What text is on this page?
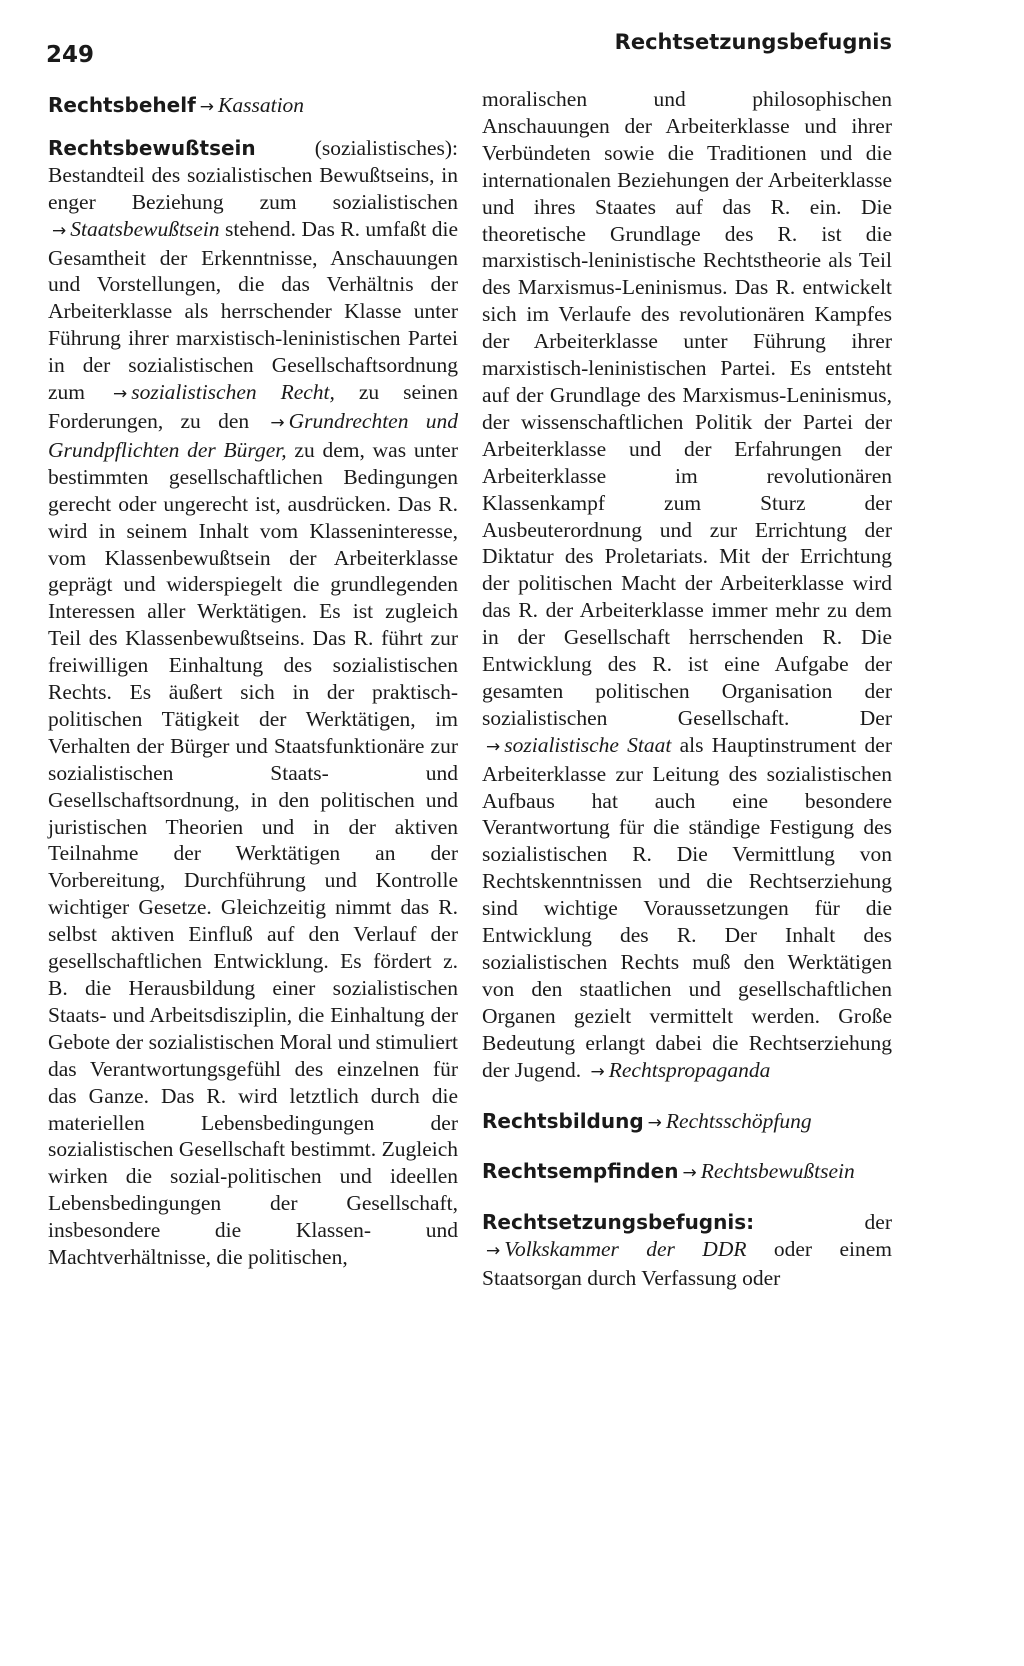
249	Rechtsetzungsbefugnis
Rechtsbehelf → Kassation
Rechtsbewußtsein (sozialistisches): Bestandteil des sozialistischen Bewußtseins, in enger Beziehung zum sozialistischen → Staatsbewußtsein stehend. Das R. umfaßt die Gesamtheit der Erkenntnisse, Anschauungen und Vorstellungen, die das Verhältnis der Arbeiterklasse als herrschender Klasse unter Führung ihrer marxistisch-leninistischen Partei in der sozialistischen Gesellschaftsordnung zum → sozialistischen Recht, zu seinen Forderungen, zu den → Grundrechten und Grundpflichten der Bürger, zu dem, was unter bestimmten gesellschaftlichen Bedingungen gerecht oder ungerecht ist, ausdrücken. Das R. wird in seinem Inhalt vom Klasseninteresse, vom Klassenbewußtsein der Arbeiterklasse geprägt und widerspiegelt die grundlegenden Interessen aller Werktätigen. Es ist zugleich Teil des Klassenbewußtseins. Das R. führt zur freiwilligen Einhaltung des sozialistischen Rechts. Es äußert sich in der praktisch-politischen Tätigkeit der Werktätigen, im Verhalten der Bürger und Staatsfunktionäre zur sozialistischen Staats- und Gesellschaftsordnung, in den politischen und juristischen Theorien und in der aktiven Teilnahme der Werktätigen an der Vorbereitung, Durchführung und Kontrolle wichtiger Gesetze. Gleichzeitig nimmt das R. selbst aktiven Einfluß auf den Verlauf der gesellschaftlichen Entwicklung. Es fördert z. B. die Herausbildung einer sozialistischen Staats- und Arbeitsdisziplin, die Einhaltung der Gebote der sozialistischen Moral und stimuliert das Verantwortungsgefühl des einzelnen für das Ganze. Das R. wird letztlich durch die materiellen Lebensbedingungen der sozialistischen Gesellschaft bestimmt. Zugleich wirken die sozial-politischen und ideellen Lebensbedingungen der Gesellschaft, insbesondere die Klassen- und Machtverhältnisse, die politischen,
moralischen und philosophischen Anschauungen der Arbeiterklasse und ihrer Verbündeten sowie die Traditionen und die internationalen Beziehungen der Arbeiterklasse und ihres Staates auf das R. ein. Die theoretische Grundlage des R. ist die marxistisch-leninistische Rechtstheorie als Teil des Marxismus-Leninismus. Das R. entwickelt sich im Verlaufe des revolutionären Kampfes der Arbeiterklasse unter Führung ihrer marxistisch-leninistischen Partei. Es entsteht auf der Grundlage des Marxismus-Leninismus, der wissenschaftlichen Politik der Partei der Arbeiterklasse und der Erfahrungen der Arbeiterklasse im revolutionären Klassenkampf zum Sturz der Ausbeuterordnung und zur Errichtung der Diktatur des Proletariats. Mit der Errichtung der politischen Macht der Arbeiterklasse wird das R. der Arbeiterklasse immer mehr zu dem in der Gesellschaft herrschenden R. Die Entwicklung des R. ist eine Aufgabe der gesamten politischen Organisation der sozialistischen Gesellschaft. Der → sozialistische Staat als Hauptinstrument der Arbeiterklasse zur Leitung des sozialistischen Aufbaus hat auch eine besondere Verantwortung für die ständige Festigung des sozialistischen R. Die Vermittlung von Rechtskenntnissen und die Rechtserziehung sind wichtige Voraussetzungen für die Entwicklung des R. Der Inhalt des sozialistischen Rechts muß den Werktätigen von den staatlichen und gesellschaftlichen Organen gezielt vermittelt werden. Große Bedeutung erlangt dabei die Rechtserziehung der Jugend. → Rechtspropaganda
Rechtsbildung → Rechtsschöpfung
Rechtsempfinden → Rechtsbewußtsein
Rechtsetzungsbefugnis: der → Volkskammer der DDR oder einem Staatsorgan durch Verfassung oder
